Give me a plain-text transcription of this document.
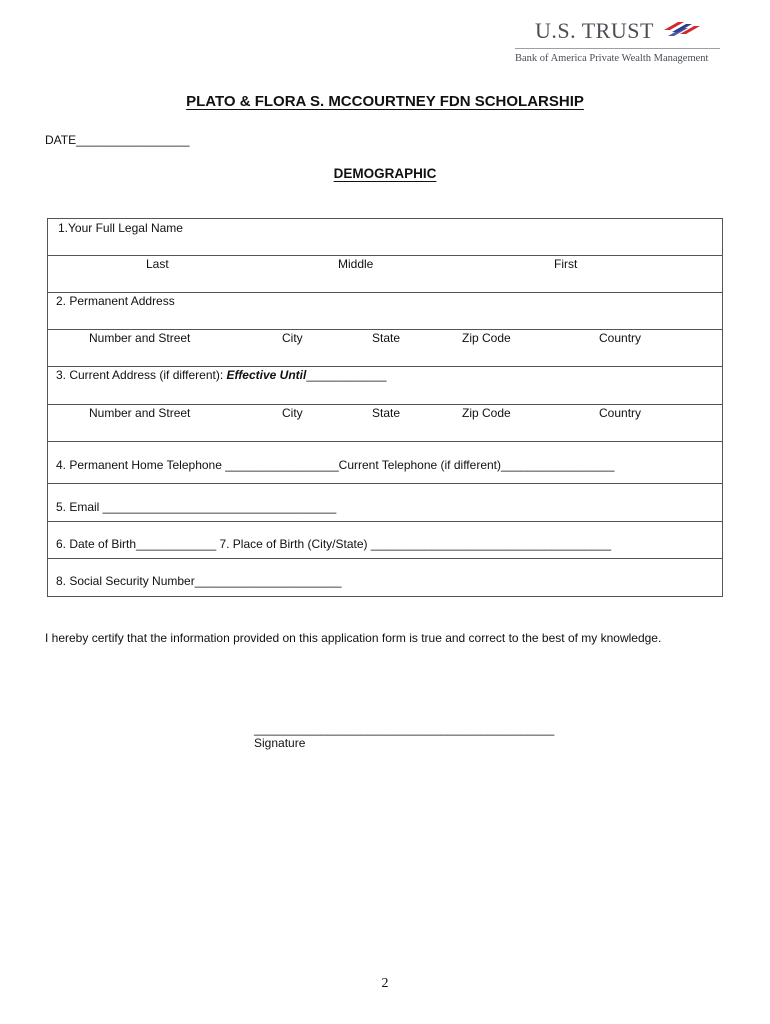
U.S. TRUST
Bank of America Private Wealth Management
PLATO & FLORA S. MCCOURTNEY FDN SCHOLARSHIP
DATE_________________
DEMOGRAPHIC
1.Your Full Legal Name
Last	Middle	First
2. Permanent Address
Number and Street	City	State	Zip Code	Country
3. Current Address (if different): Effective Until____________
Number and Street	City	State	Zip Code	Country
4. Permanent Home Telephone _________________Current Telephone (if different)_________________
5. Email ___________________________________
6. Date of Birth____________ 7. Place of Birth (City/State) ____________________________________
8. Social Security Number______________________
I hereby certify that the information provided on this application form is true and correct to the best of my knowledge.
_____________________________________________
Signature
2
